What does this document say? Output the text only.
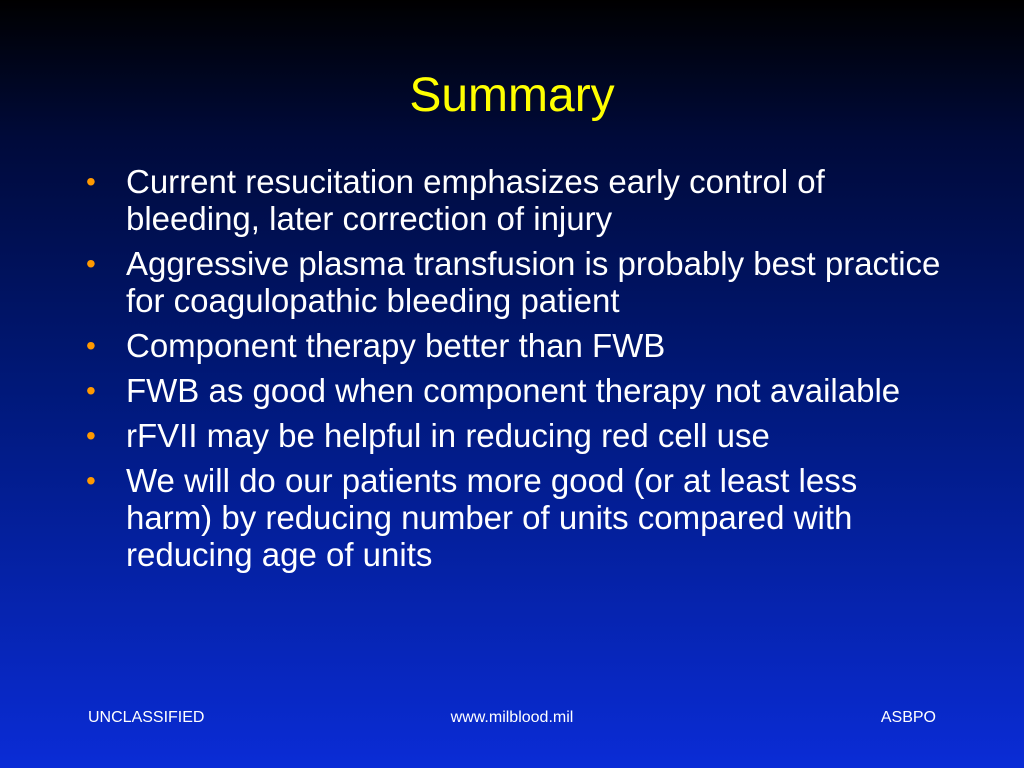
Summary
• Current resucitation emphasizes early control of bleeding, later correction of injury
• Aggressive plasma transfusion is probably best practice for coagulopathic bleeding patient
• Component therapy better than FWB
• FWB as good when component therapy not available
• rFVII may be helpful in reducing red cell use
• We will do our patients more good (or at least less harm) by reducing number of units compared with reducing age of units
UNCLASSIFIED	www.milblood.mil	ASBPO
